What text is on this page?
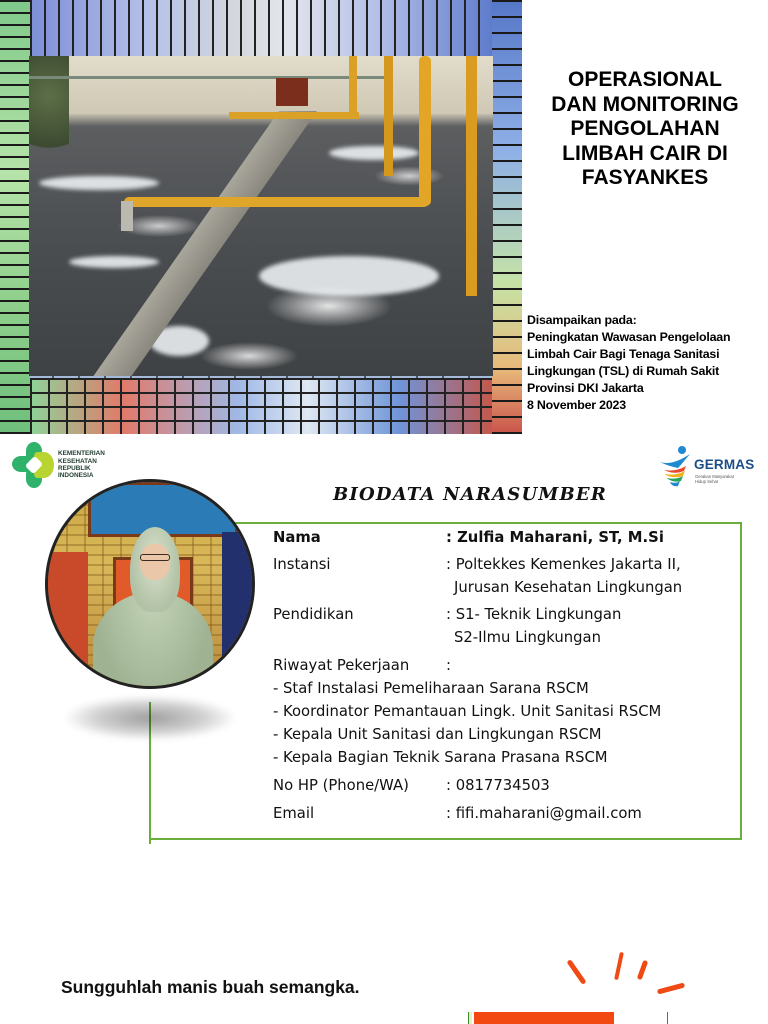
OPERASIONAL
DAN MONITORING
PENGOLAHAN
LIMBAH CAIR DI
FASYANKES
Disampaikan pada:
Peningkatan Wawasan Pengelolaan
Limbah Cair Bagi Tenaga Sanitasi
Lingkungan (TSL) di Rumah Sakit
Provinsi DKI Jakarta
8 November 2023
KEMENTERIAN
KESEHATAN
REPUBLIK
INDONESIA
GERMAS
Gerakan Masyarakat
Hidup Sehat
BIODATA NARASUMBER
Nama	: Zulfia Maharani, ST, M.Si
Instansi	: Poltekkes Kemenkes Jakarta II,
Jurusan Kesehatan Lingkungan
Pendidikan	: S1- Teknik Lingkungan
S2-Ilmu Lingkungan
Riwayat Pekerjaan :
- Staf Instalasi Pemeliharaan Sarana RSCM
- Koordinator Pemantauan Lingk. Unit Sanitasi RSCM
- Kepala Unit Sanitasi dan Lingkungan RSCM
- Kepala Bagian Teknik Sarana Prasana RSCM
No HP (Phone/WA)	: 0817734503
Email	: fifi.maharani@gmail.com
Sungguhlah manis buah semangka.
